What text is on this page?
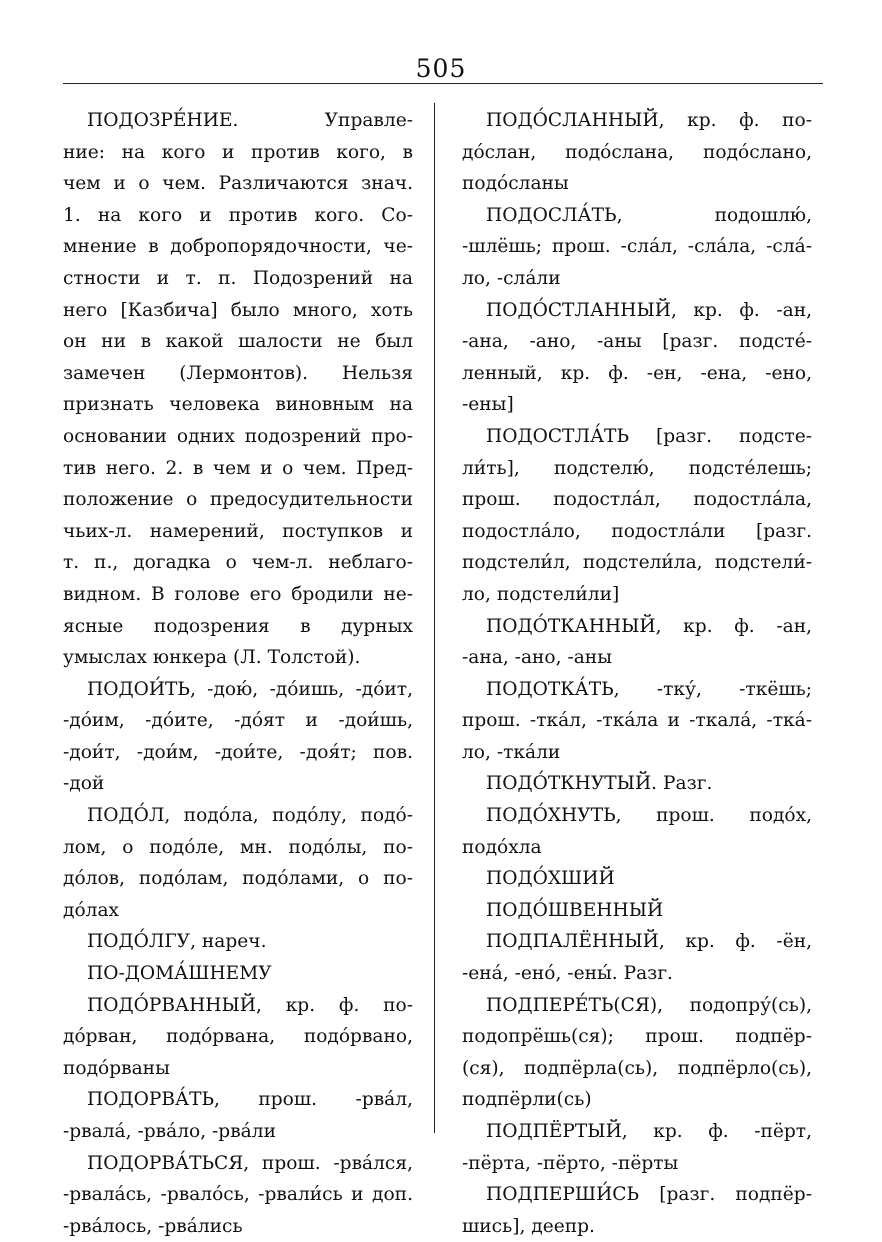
505
ПОДОЗРЕ́НИЕ. Управле-
ние: на кого и против кого, в
чем и о чем. Различаются знач.
1. на кого и против кого. Со-
мнение в добропорядочности, че-
стности и т. п. Подозрений на
него [Казбича] было много, хоть
он ни в какой шалости не был
замечен (Лермонтов). Нельзя
признать человека виновным на
основании одних подозрений про-
тив него. 2. в чем и о чем. Пред-
положение о предосудительности
чьих-л. намерений, поступков и
т. п., догадка о чем-л. неблаго-
видном. В голове его бродили не-
ясные подозрения в дурных
умыслах юнкера (Л. Толстой).
ПОДОИ́ТЬ, -дою́, -до́ишь, -до́ит,
-до́им, -до́ите, -до́ят и -дои́шь,
-дои́т, -дои́м, -дои́те, -доя́т; пов.
-дой
ПОДО́Л, подо́ла, подо́лу, подо́-
лом, о подо́ле, мн. подо́лы, по-
до́лов, подо́лам, подо́лами, о по-
до́лах
ПОДО́ЛГУ, нареч.
ПО-ДОМА́ШНЕМУ
ПОДО́РВАННЫЙ, кр. ф. по-
до́рван, подо́рвана, подо́рвано,
подо́рваны
ПОДОРВА́ТЬ, прош. -рва́л,
-рвала́, -рва́ло, -рва́ли
ПОДОРВА́ТЬСЯ, прош. -рва́лся,
-рвала́сь, -рвало́сь, -рвали́сь и доп.
-рва́лось, -рва́лись
ПОДО́СЛАННЫЙ, кр. ф. по-
до́слан, подо́слана, подо́слано,
подо́сланы
ПОДОСЛА́ТЬ, подошлю́,
-шлёшь; прош. -сла́л, -сла́ла, -сла́-
ло, -сла́ли
ПОДО́СТЛАННЫЙ, кр. ф. -ан,
-ана, -ано, -аны [разг. подсте́-
ленный, кр. ф. -ен, -ена, -ено,
-ены]
ПОДОСТЛА́ТЬ [разг. подсте-
ли́ть], подстелю́, подсте́лешь;
прош. подостла́л, подостла́ла,
подостла́ло, подостла́ли [разг.
подстели́л, подстели́ла, подстели́-
ло, подстели́ли]
ПОДО́ТКАННЫЙ, кр. ф. -ан,
-ана, -ано, -аны
ПОДОТКА́ТЬ, -тку́, -ткёшь;
прош. -тка́л, -тка́ла и -ткала́, -тка́-
ло, -тка́ли
ПОДО́ТКНУТЫЙ. Разг.
ПОДО́ХНУТЬ, прош. подо́х,
подо́хла
ПОДО́ХШИЙ
ПОДО́ШВЕННЫЙ
ПОДПАЛЁННЫЙ, кр. ф. -ён,
-ена́, -ено́, -ены́. Разг.
ПОДПЕРЕ́ТЬ(СЯ), подопру́(сь),
подопрёшь(ся); прош. подпёр-
(ся), подпёрла(сь), подпёрло(сь),
подпёрли(сь)
ПОДПЁРТЫЙ, кр. ф. -пёрт,
-пёрта, -пёрто, -пёрты
ПОДПЕРШИ́СЬ [разг. подпёр-
шись], деепр.
